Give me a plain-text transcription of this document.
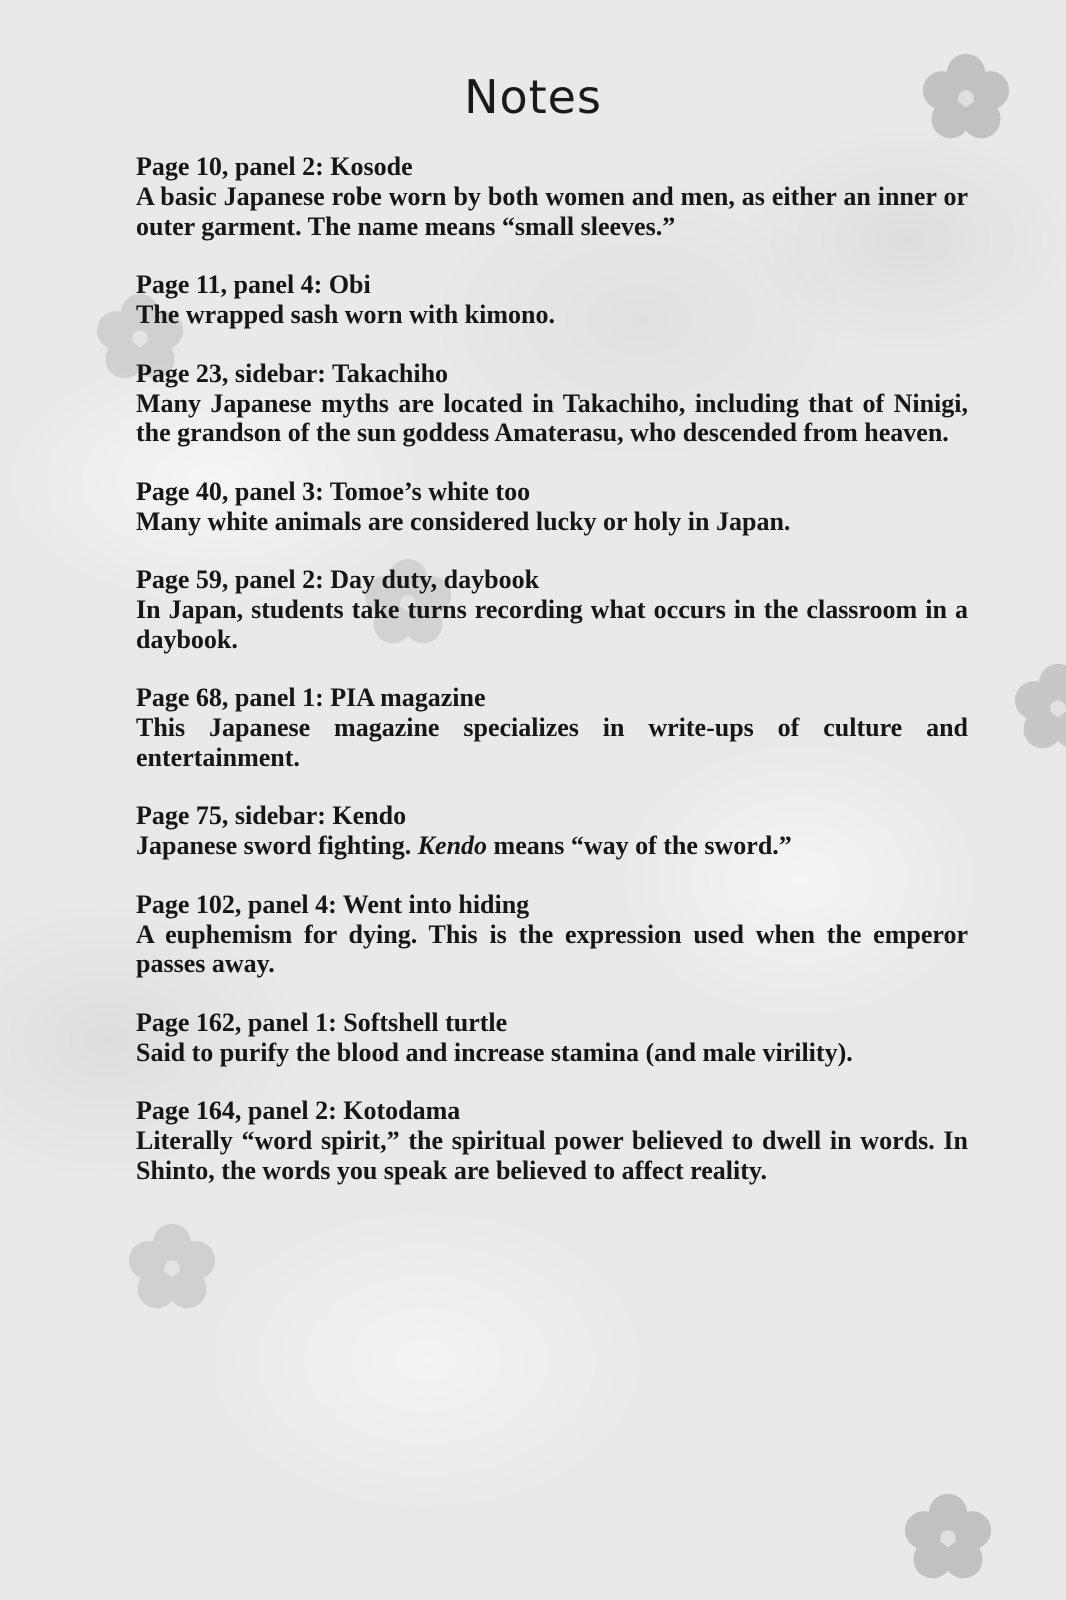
Notes

Page 10, panel 2: Kosode

A basic Japanese robe worn by both women and men, as either an inner or outer garment. The name means “small sleeves.”

Page 11, panel 4: Obi

The wrapped sash worn with kimono.

Page 23, sidebar: Takachiho

Many Japanese myths are located in Takachiho, including that of Ninigi, the grandson of the sun goddess Amaterasu, who descended from heaven.

Page 40, panel 3: Tomoe’s white too

Many white animals are considered lucky or holy in Japan.

Page 59, panel 2: Day duty, daybook

In Japan, students take turns recording what occurs in the classroom in a daybook.

Page 68, panel 1: PIA magazine

This Japanese magazine specializes in write-ups of culture and entertainment.

Page 75, sidebar: Kendo

Japanese sword fighting. Kendo means “way of the sword.”

Page 102, panel 4: Went into hiding

A euphemism for dying. This is the expression used when the emperor passes away.

Page 162, panel 1: Softshell turtle

Said to purify the blood and increase stamina (and male virility).

Page 164, panel 2: Kotodama

Literally “word spirit,” the spiritual power believed to dwell in words. In Shinto, the words you speak are believed to affect reality.
